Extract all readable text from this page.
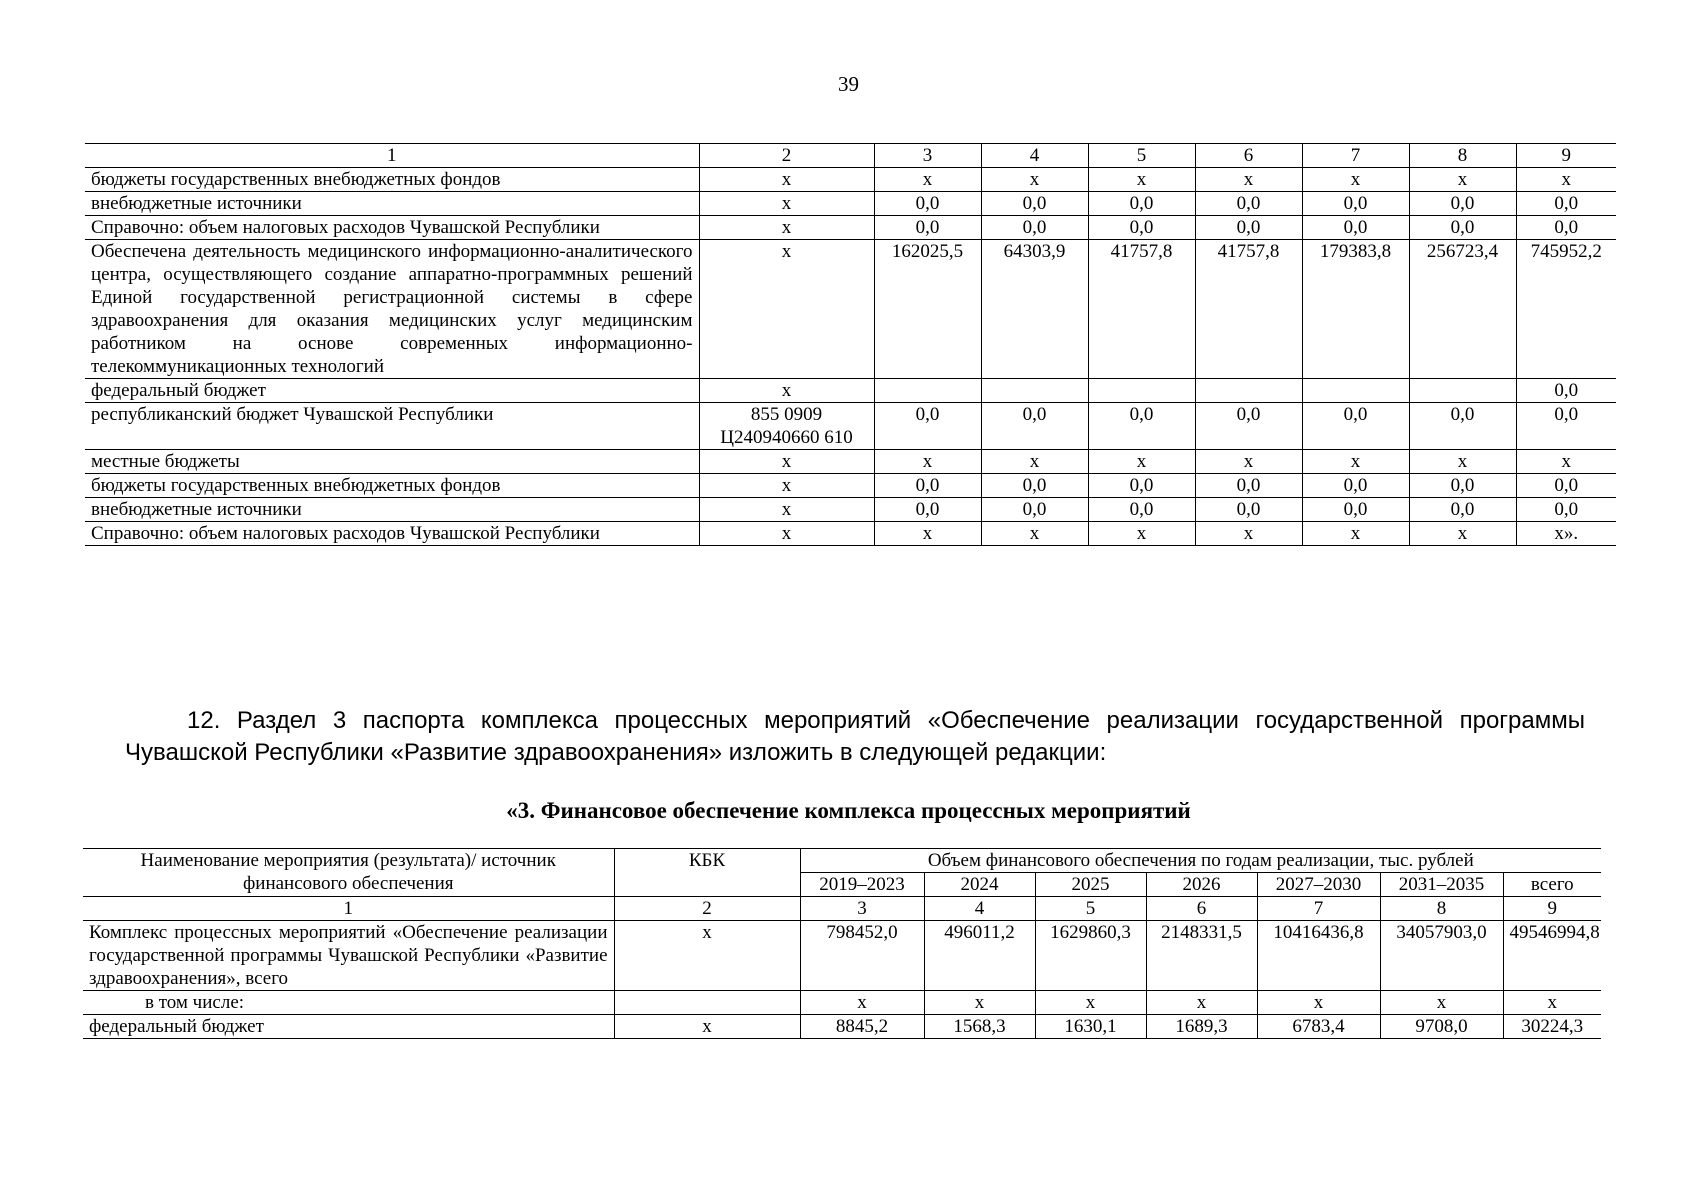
39
1	2	3	4	5	6	7	8	9
бюджеты государственных внебюджетных фондов	х	х	х	х	х	х	х	х
внебюджетные источники	х	0,0	0,0	0,0	0,0	0,0	0,0	0,0
Справочно: объем налоговых расходов Чувашской Республики	х	0,0	0,0	0,0	0,0	0,0	0,0	0,0
Обеспечена деятельность медицинского информационно-аналитического центра, осуществляющего создание аппаратно-программных решений Единой государственной регистрационной системы в сфере здравоохранения для оказания медицинских услуг медицинским работником на основе современных информационно-телекоммуникационных технологий	х	162025,5	64303,9	41757,8	41757,8	179383,8	256723,4	745952,2
федеральный бюджет	х							0,0
республиканский бюджет Чувашской Республики	855 0909 Ц240940660 610	0,0	0,0	0,0	0,0	0,0	0,0	0,0
местные бюджеты	х	х	х	х	х	х	х	х
бюджеты государственных внебюджетных фондов	х	0,0	0,0	0,0	0,0	0,0	0,0	0,0
внебюджетные источники	х	0,0	0,0	0,0	0,0	0,0	0,0	0,0
Справочно: объем налоговых расходов Чувашской Республики	х	х	х	х	х	х	х	х».
12. Раздел 3 паспорта комплекса процессных мероприятий «Обеспечение реализации государственной программы Чувашской Республики «Развитие здравоохранения» изложить в следующей редакции:
«3. Финансовое обеспечение комплекса процессных мероприятий
Наименование мероприятия (результата)/ источник финансового обеспечения	КБК	Объем финансового обеспечения по годам реализации, тыс. рублей						
		2019–2023	2024	2025	2026	2027–2030	2031–2035	всего
1	2	3	4	5	6	7	8	9
Комплекс процессных мероприятий «Обеспечение реализации государственной программы Чувашской Республики «Развитие здравоохранения», всего	х	798452,0	496011,2	1629860,3	2148331,5	10416436,8	34057903,0	49546994,8
в том числе:		х	х	х	х	х	х	х
федеральный бюджет	х	8845,2	1568,3	1630,1	1689,3	6783,4	9708,0	30224,3
